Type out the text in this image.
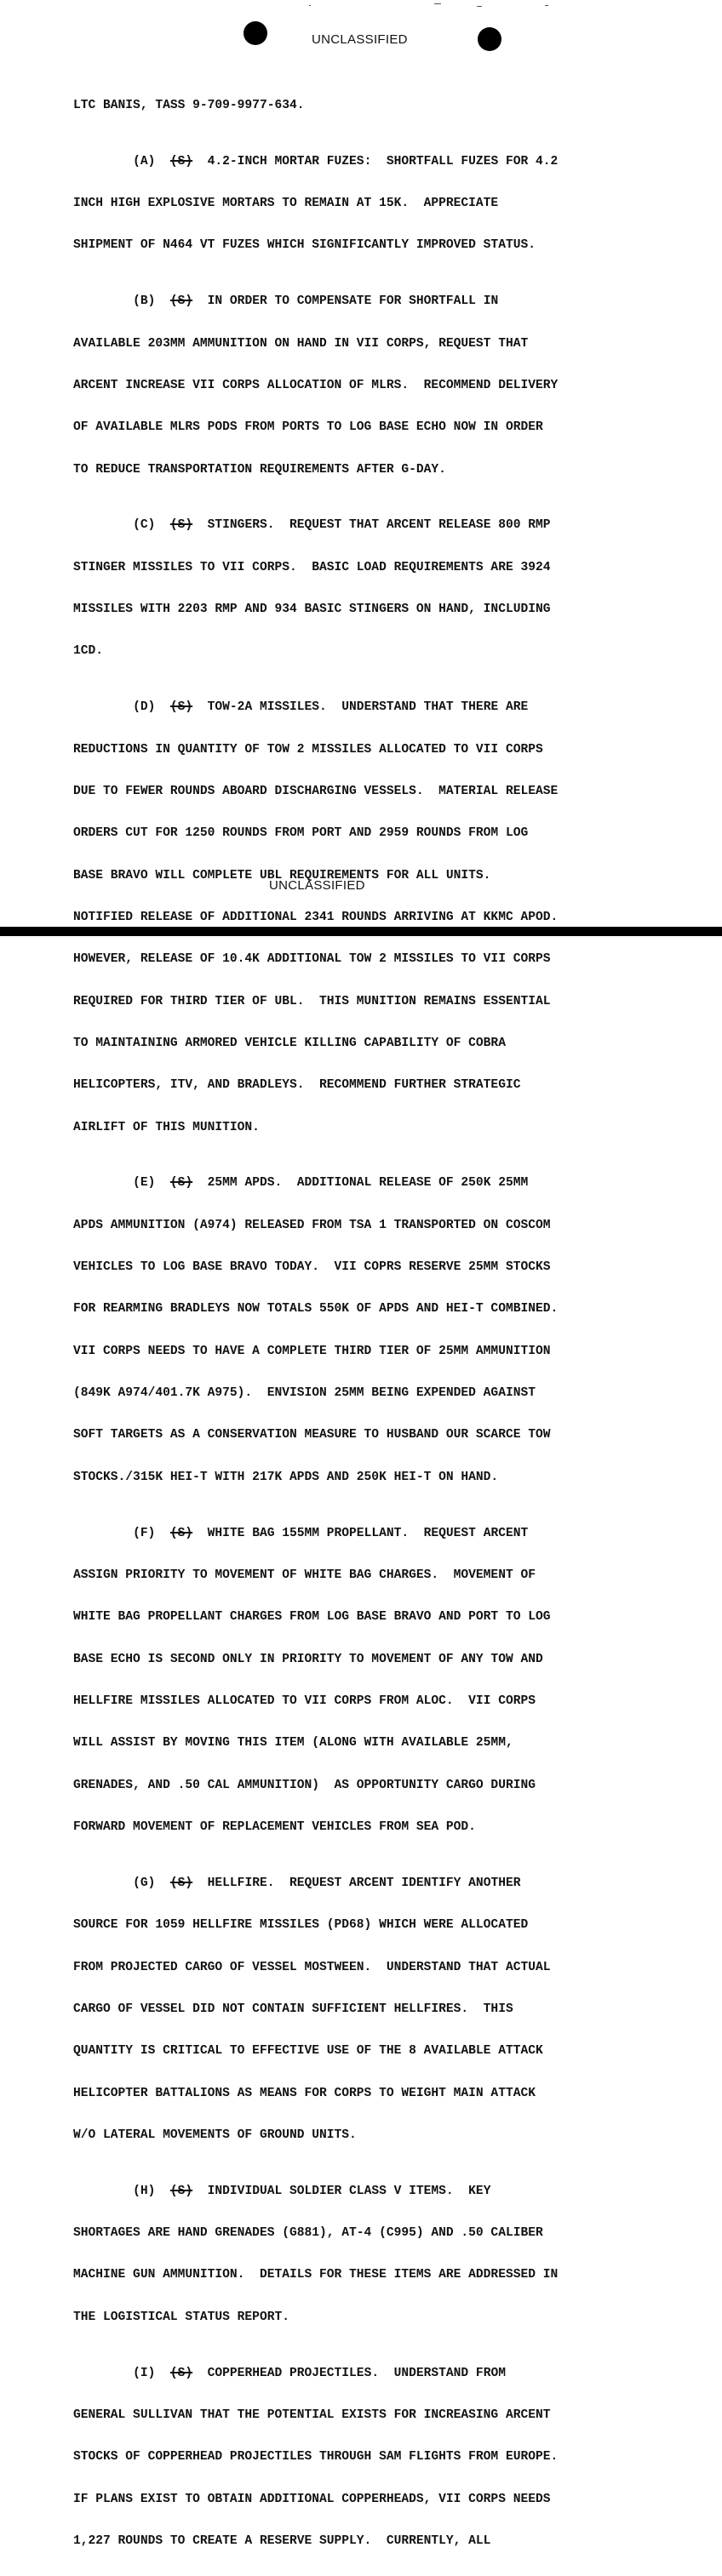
UNCLASSIFIED

LTC BANIS, TASS 9-709-9977-634.

(A) (S) 4.2-INCH MORTAR FUZES:  SHORTFALL FUZES FOR 4.2

INCH HIGH EXPLOSIVE MORTARS TO REMAIN AT 15K.  APPRECIATE

SHIPMENT OF N464 VT FUZES WHICH SIGNIFICANTLY IMPROVED STATUS.

(B) (S) IN ORDER TO COMPENSATE FOR SHORTFALL IN

AVAILABLE 203MM AMMUNITION ON HAND IN VII CORPS, REQUEST THAT

ARCENT INCREASE VII CORPS ALLOCATION OF MLRS.  RECOMMEND DELIVERY

OF AVAILABLE MLRS PODS FROM PORTS TO LOG BASE ECHO NOW IN ORDER

TO REDUCE TRANSPORTATION REQUIREMENTS AFTER G-DAY.

(C) (S) STINGERS.  REQUEST THAT ARCENT RELEASE 800 RMP

STINGER MISSILES TO VII CORPS.  BASIC LOAD REQUIREMENTS ARE 3924

MISSILES WITH 2203 RMP AND 934 BASIC STINGERS ON HAND, INCLUDING

1CD.

(D) (S) TOW-2A MISSILES.  UNDERSTAND THAT THERE ARE

REDUCTIONS IN QUANTITY OF TOW 2 MISSILES ALLOCATED TO VII CORPS

DUE TO FEWER ROUNDS ABOARD DISCHARGING VESSELS.  MATERIAL RELEASE

ORDERS CUT FOR 1250 ROUNDS FROM PORT AND 2959 ROUNDS FROM LOG

BASE BRAVO WILL COMPLETE UBL REQUIREMENTS FOR ALL UNITS.

NOTIFIED RELEASE OF ADDITIONAL 2341 ROUNDS ARRIVING AT KKMC APOD.

HOWEVER, RELEASE OF 10.4K ADDITIONAL TOW 2 MISSILES TO VII CORPS

REQUIRED FOR THIRD TIER OF UBL.  THIS MUNITION REMAINS ESSENTIAL

TO MAINTAINING ARMORED VEHICLE KILLING CAPABILITY OF COBRA

HELICOPTERS, ITV, AND BRADLEYS.  RECOMMEND FURTHER STRATEGIC

AIRLIFT OF THIS MUNITION.

(E) (S) 25MM APDS.  ADDITIONAL RELEASE OF 250K 25MM

APDS AMMUNITION (A974) RELEASED FROM TSA 1 TRANSPORTED ON COSCOM

VEHICLES TO LOG BASE BRAVO TODAY.  VII COPRS RESERVE 25MM STOCKS

FOR REARMING BRADLEYS NOW TOTALS 550K OF APDS AND HEI-T COMBINED.

VII CORPS NEEDS TO HAVE A COMPLETE THIRD TIER OF 25MM AMMUNITION

(849K A974/401.7K A975).  ENVISION 25MM BEING EXPENDED AGAINST

SOFT TARGETS AS A CONSERVATION MEASURE TO HUSBAND OUR SCARCE TOW

STOCKS./315K HEI-T WITH 217K APDS AND 250K HEI-T ON HAND.

(F) (S) WHITE BAG 155MM PROPELLANT.  REQUEST ARCENT

ASSIGN PRIORITY TO MOVEMENT OF WHITE BAG CHARGES.  MOVEMENT OF

WHITE BAG PROPELLANT CHARGES FROM LOG BASE BRAVO AND PORT TO LOG

BASE ECHO IS SECOND ONLY IN PRIORITY TO MOVEMENT OF ANY TOW AND

HELLFIRE MISSILES ALLOCATED TO VII CORPS FROM ALOC.  VII CORPS

WILL ASSIST BY MOVING THIS ITEM (ALONG WITH AVAILABLE 25MM,

GRENADES, AND .50 CAL AMMUNITION)  AS OPPORTUNITY CARGO DURING

FORWARD MOVEMENT OF REPLACEMENT VEHICLES FROM SEA POD.

(G) (S) HELLFIRE.  REQUEST ARCENT IDENTIFY ANOTHER

SOURCE FOR 1059 HELLFIRE MISSILES (PD68) WHICH WERE ALLOCATED

FROM PROJECTED CARGO OF VESSEL MOSTWEEN.  UNDERSTAND THAT ACTUAL

CARGO OF VESSEL DID NOT CONTAIN SUFFICIENT HELLFIRES.  THIS

QUANTITY IS CRITICAL TO EFFECTIVE USE OF THE 8 AVAILABLE ATTACK

HELICOPTER BATTALIONS AS MEANS FOR CORPS TO WEIGHT MAIN ATTACK

W/O LATERAL MOVEMENTS OF GROUND UNITS.

(H) (S) INDIVIDUAL SOLDIER CLASS V ITEMS.  KEY

SHORTAGES ARE HAND GRENADES (G881), AT-4 (C995) AND .50 CALIBER

MACHINE GUN AMMUNITION.  DETAILS FOR THESE ITEMS ARE ADDRESSED IN

THE LOGISTICAL STATUS REPORT.

(I) (S) COPPERHEAD PROJECTILES.  UNDERSTAND FROM

GENERAL SULLIVAN THAT THE POTENTIAL EXISTS FOR INCREASING ARCENT

STOCKS OF COPPERHEAD PROJECTILES THROUGH SAM FLIGHTS FROM EUROPE.

IF PLANS EXIST TO OBTAIN ADDITIONAL COPPERHEADS, VII CORPS NEEDS

1,227 ROUNDS TO CREATE A RESERVE SUPPLY.  CURRENTLY, ALL

UNCLASSIFIED
